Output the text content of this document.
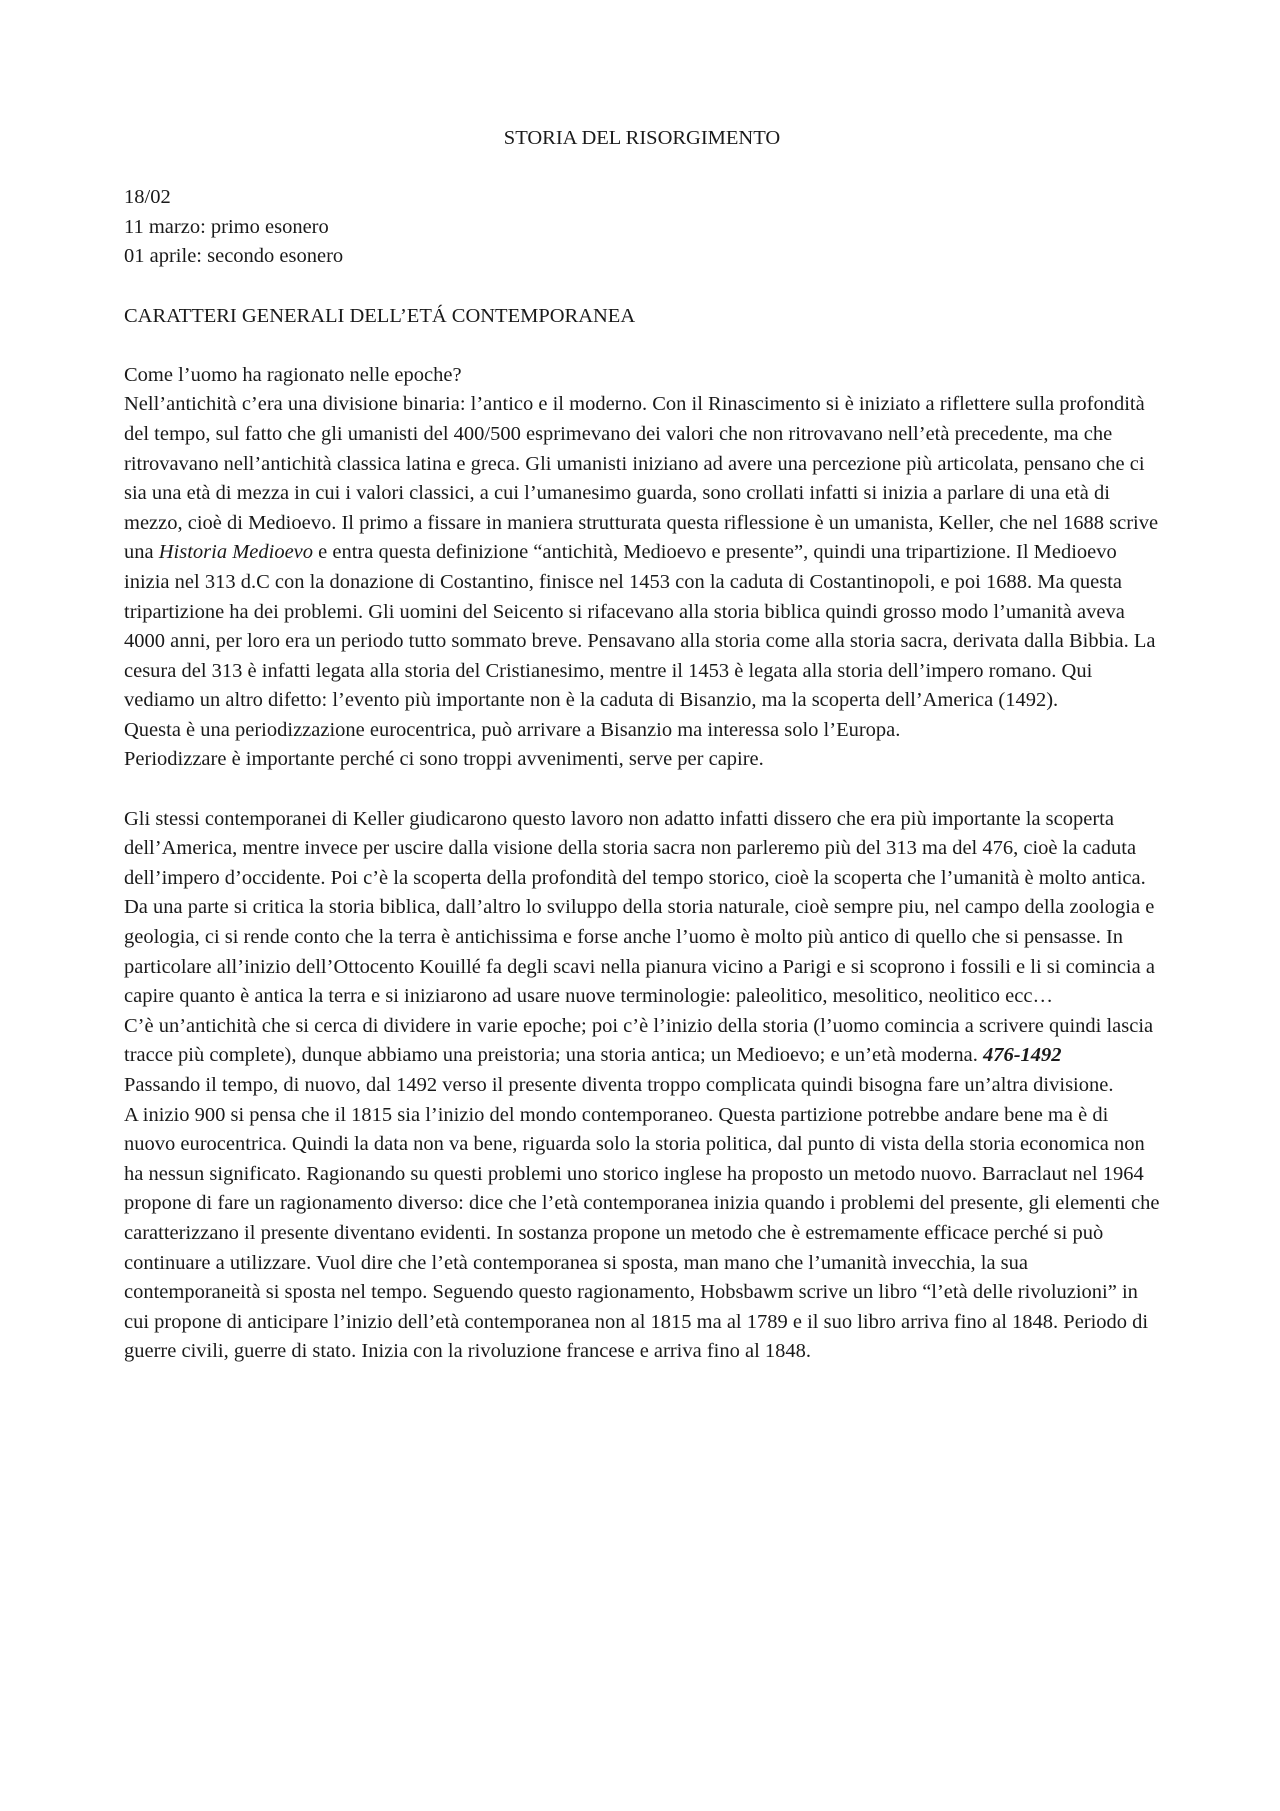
STORIA DEL RISORGIMENTO

18/02

11 marzo: primo esonero

01 aprile: secondo esonero

CARATTERI GENERALI DELL’ETÁ CONTEMPORANEA

Come l’uomo ha ragionato nelle epoche?

Nell’antichità c’era una divisione binaria: l’antico e il moderno. Con il Rinascimento si è iniziato a riflettere sulla profondità del tempo, sul fatto che gli umanisti del 400/500 esprimevano dei valori che non ritrovavano nell’età precedente, ma che ritrovavano nell’antichità classica latina e greca. Gli umanisti iniziano ad avere una percezione più articolata, pensano che ci sia una età di mezza in cui i valori classici, a cui l’umanesimo guarda, sono crollati infatti si inizia a parlare di una età di mezzo, cioè di Medioevo. Il primo a fissare in maniera strutturata questa riflessione è un umanista, Keller, che nel 1688 scrive una Historia Medioevo e entra questa definizione “antichità, Medioevo e presente”, quindi una tripartizione. Il Medioevo inizia nel 313 d.C con la donazione di Costantino, finisce nel 1453 con la caduta di Costantinopoli, e poi 1688. Ma questa tripartizione ha dei problemi. Gli uomini del Seicento si rifacevano alla storia biblica quindi grosso modo l’umanità aveva 4000 anni, per loro era un periodo tutto sommato breve. Pensavano alla storia come alla storia sacra, derivata dalla Bibbia. La cesura del 313 è infatti legata alla storia del Cristianesimo, mentre il 1453 è legata alla storia dell’impero romano. Qui vediamo un altro difetto: l’evento più importante non è la caduta di Bisanzio, ma la scoperta dell’America (1492).

Questa è una periodizzazione eurocentrica, può arrivare a Bisanzio ma interessa solo l’Europa.

Periodizzare è importante perché ci sono troppi avvenimenti, serve per capire.

Gli stessi contemporanei di Keller giudicarono questo lavoro non adatto infatti dissero che era più importante la scoperta dell’America, mentre invece per uscire dalla visione della storia sacra non parleremo più del 313 ma del 476, cioè la caduta dell’impero d’occidente. Poi c’è la scoperta della profondità del tempo storico, cioè la scoperta che l’umanità è molto antica.

Da una parte si critica la storia biblica, dall’altro lo sviluppo della storia naturale, cioè sempre piu, nel campo della zoologia e geologia, ci si rende conto che la terra è antichissima e forse anche l’uomo è molto più antico di quello che si pensasse. In particolare all’inizio dell’Ottocento Kouillé fa degli scavi nella pianura vicino a Parigi e si scoprono i fossili e li si comincia a capire quanto è antica la terra e si iniziarono ad usare nuove terminologie: paleolitico, mesolitico, neolitico ecc…

C’è un’antichità che si cerca di dividere in varie epoche; poi c’è l’inizio della storia (l’uomo comincia a scrivere quindi lascia tracce più complete), dunque abbiamo una preistoria; una storia antica; un Medioevo; e un’età moderna. 476-1492

Passando il tempo, di nuovo, dal 1492 verso il presente diventa troppo complicata quindi bisogna fare un’altra divisione.

A inizio 900 si pensa che il 1815 sia l’inizio del mondo contemporaneo. Questa partizione potrebbe andare bene ma è di nuovo eurocentrica. Quindi la data non va bene, riguarda solo la storia politica, dal punto di vista della storia economica non ha nessun significato. Ragionando su questi problemi uno storico inglese ha proposto un metodo nuovo. Barraclaut nel 1964 propone di fare un ragionamento diverso: dice che l’età contemporanea inizia quando i problemi del presente, gli elementi che caratterizzano il presente diventano evidenti. In sostanza propone un metodo che è estremamente efficace perché si può continuare a utilizzare. Vuol dire che l’età contemporanea si sposta, man mano che l’umanità invecchia, la sua contemporaneità si sposta nel tempo. Seguendo questo ragionamento, Hobsbawm scrive un libro “l’età delle rivoluzioni” in cui propone di anticipare l’inizio dell’età contemporanea non al 1815 ma al 1789 e il suo libro arriva fino al 1848. Periodo di guerre civili, guerre di stato. Inizia con la rivoluzione francese e arriva fino al 1848.
